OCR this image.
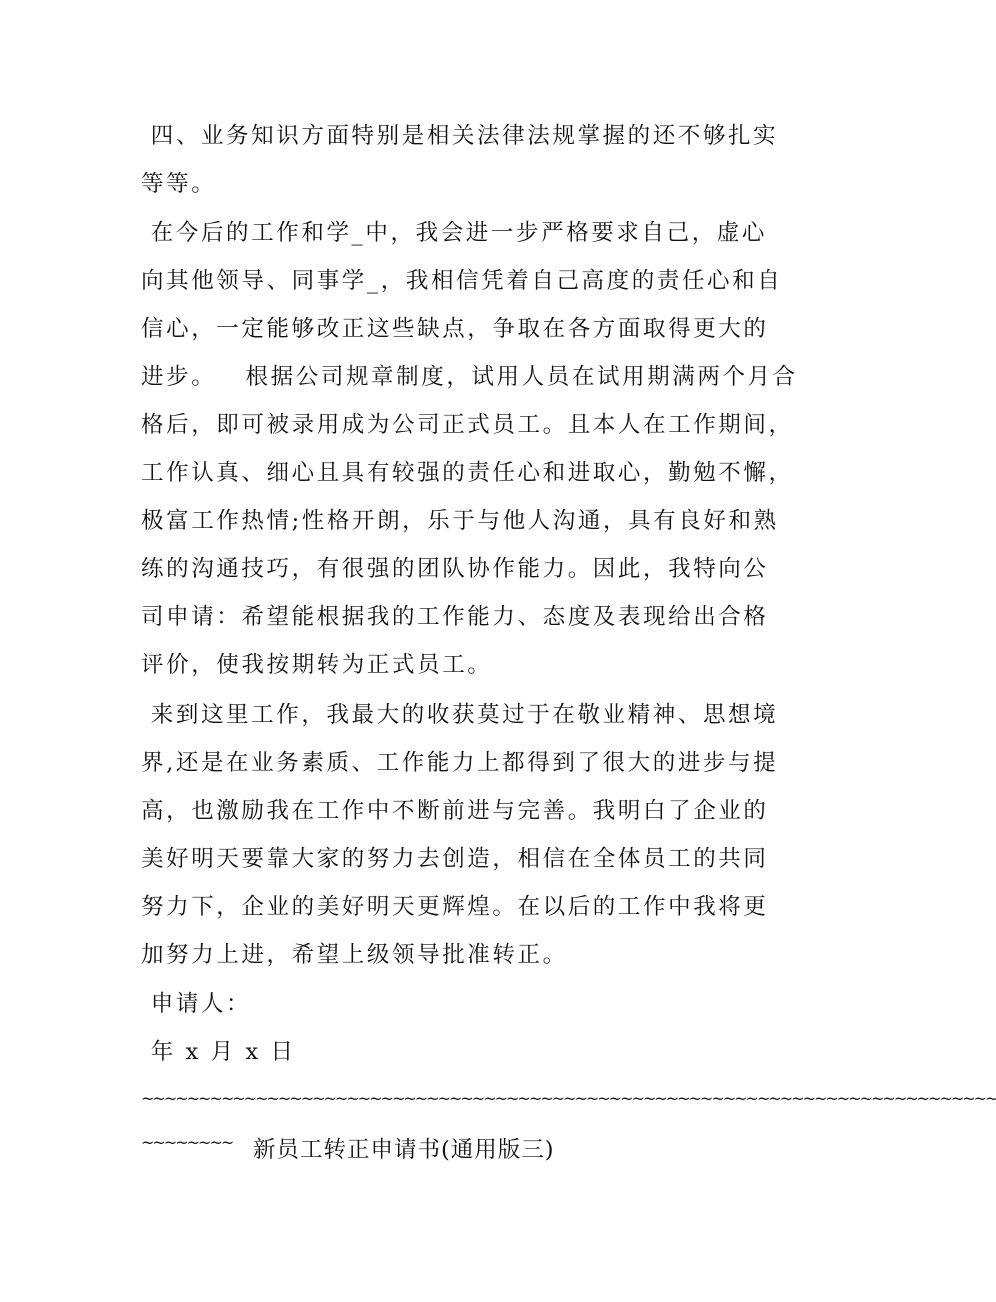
四、业务知识方面特别是相关法律法规掌握的还不够扎实
等等。
在今后的工作和学_中，我会进一步严格要求自己，虚心
向其他领导、同事学_，我相信凭着自己高度的责任心和自
信心，一定能够改正这些缺点，争取在各方面取得更大的
进步。   根据公司规章制度，试用人员在试用期满两个月合
格后，即可被录用成为公司正式员工。且本人在工作期间，
工作认真、细心且具有较强的责任心和进取心，勤勉不懈，
极富工作热情;性格开朗，乐于与他人沟通，具有良好和熟
练的沟通技巧，有很强的团队协作能力。因此，我特向公
司申请：希望能根据我的工作能力、态度及表现给出合格
评价，使我按期转为正式员工。
来到这里工作，我最大的收获莫过于在敬业精神、思想境
界,还是在业务素质、工作能力上都得到了很大的进步与提
高，也激励我在工作中不断前进与完善。我明白了企业的
美好明天要靠大家的努力去创造，相信在全体员工的共同
努力下，企业的美好明天更辉煌。在以后的工作中我将更
加努力上进，希望上级领导批准转正。
申请人：
年 x 月 x 日
~~~~~~~~~~~~~~~~~~~~~~~~~~~~~~~~~~~~~~~~~~~~~~~~~~~~~~~~~~~~~~~~~~~~~~~~~~~
~~~~~~~~ 新员工转正申请书(通用版三)
